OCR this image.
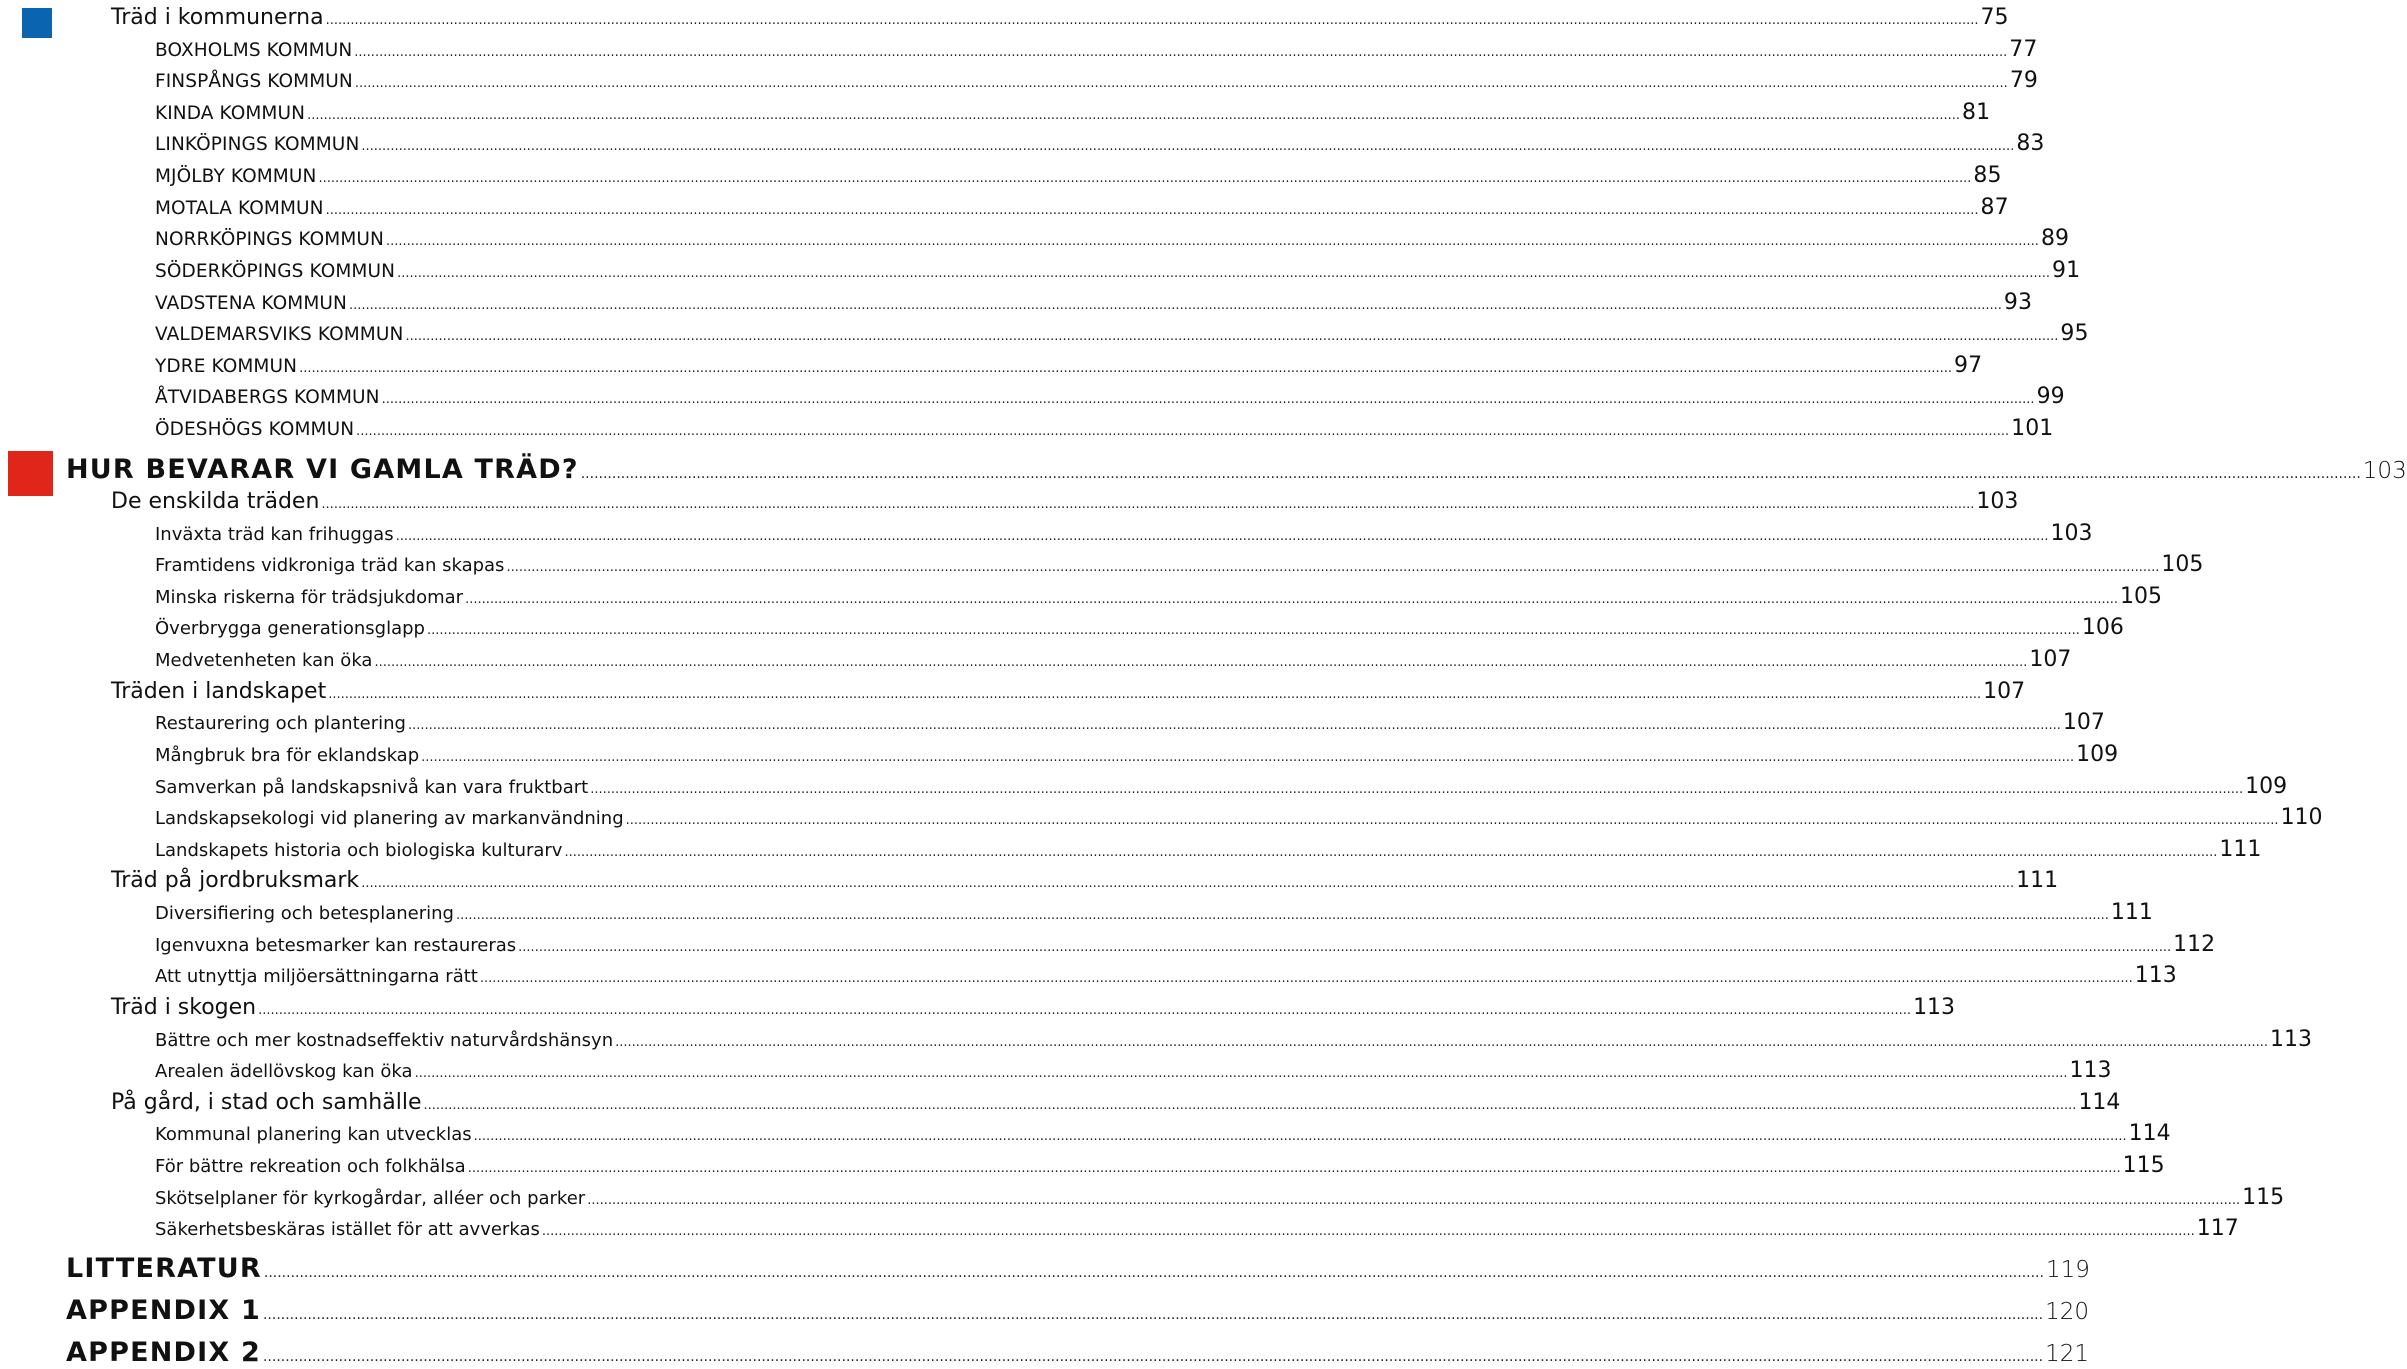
Träd i kommunerna ................................................................................................................................................................................................................................................................................................................................................................................................................ 75
BOXHOLMS KOMMUN ................................................................................................................................................................................................................................................................................................................................................................................................................ 77
FINSPÅNGS KOMMUN ................................................................................................................................................................................................................................................................................................................................................................................................................ 79
KINDA KOMMUN ................................................................................................................................................................................................................................................................................................................................................................................................................ 81
LINKÖPINGS KOMMUN ................................................................................................................................................................................................................................................................................................................................................................................................................ 83
MJÖLBY KOMMUN ................................................................................................................................................................................................................................................................................................................................................................................................................ 85
MOTALA KOMMUN ................................................................................................................................................................................................................................................................................................................................................................................................................ 87
NORRKÖPINGS KOMMUN ................................................................................................................................................................................................................................................................................................................................................................................................................ 89
SÖDERKÖPINGS KOMMUN ................................................................................................................................................................................................................................................................................................................................................................................................................ 91
VADSTENA KOMMUN ................................................................................................................................................................................................................................................................................................................................................................................................................ 93
VALDEMARSVIKS KOMMUN ................................................................................................................................................................................................................................................................................................................................................................................................................ 95
YDRE KOMMUN ................................................................................................................................................................................................................................................................................................................................................................................................................ 97
ÅTVIDABERGS KOMMUN ................................................................................................................................................................................................................................................................................................................................................................................................................ 99
ÖDESHÖGS KOMMUN ................................................................................................................................................................................................................................................................................................................................................................................................................ 101
HUR BEVARAR VI GAMLA TRÄD? ................................................................................................................................................................................................................................................................................................................................................................................................................ 103
De enskilda träden ................................................................................................................................................................................................................................................................................................................................................................................................................ 103
Inväxta träd kan frihuggas ................................................................................................................................................................................................................................................................................................................................................................................................................ 103
Framtidens vidkroniga träd kan skapas ................................................................................................................................................................................................................................................................................................................................................................................................................ 105
Minska riskerna för trädsjukdomar ................................................................................................................................................................................................................................................................................................................................................................................................................ 105
Överbrygga generationsglapp ................................................................................................................................................................................................................................................................................................................................................................................................................ 106
Medvetenheten kan öka ................................................................................................................................................................................................................................................................................................................................................................................................................ 107
Träden i landskapet ................................................................................................................................................................................................................................................................................................................................................................................................................ 107
Restaurering och plantering ................................................................................................................................................................................................................................................................................................................................................................................................................ 107
Mångbruk bra för eklandskap ................................................................................................................................................................................................................................................................................................................................................................................................................ 109
Samverkan på landskapsnivå kan vara fruktbart ................................................................................................................................................................................................................................................................................................................................................................................................................ 109
Landskapsekologi vid planering av markanvändning ................................................................................................................................................................................................................................................................................................................................................................................................................ 110
Landskapets historia och biologiska kulturarv ................................................................................................................................................................................................................................................................................................................................................................................................................ 111
Träd på jordbruksmark ................................................................................................................................................................................................................................................................................................................................................................................................................ 111
Diversifiering och betesplanering ................................................................................................................................................................................................................................................................................................................................................................................................................ 111
Igenvuxna betesmarker kan restaureras ................................................................................................................................................................................................................................................................................................................................................................................................................ 112
Att utnyttja miljöersättningarna rätt ................................................................................................................................................................................................................................................................................................................................................................................................................ 113
Träd i skogen ................................................................................................................................................................................................................................................................................................................................................................................................................ 113
Bättre och mer kostnadseffektiv naturvårdshänsyn ................................................................................................................................................................................................................................................................................................................................................................................................................ 113
Arealen ädellövskog kan öka ................................................................................................................................................................................................................................................................................................................................................................................................................ 113
På gård, i stad och samhälle ................................................................................................................................................................................................................................................................................................................................................................................................................ 114
Kommunal planering kan utvecklas ................................................................................................................................................................................................................................................................................................................................................................................................................ 114
För bättre rekreation och folkhälsa ................................................................................................................................................................................................................................................................................................................................................................................................................ 115
Skötselplaner för kyrkogårdar, alléer och parker ................................................................................................................................................................................................................................................................................................................................................................................................................ 115
Säkerhetsbeskäras istället för att avverkas ................................................................................................................................................................................................................................................................................................................................................................................................................ 117
LITTERATUR ................................................................................................................................................................................................................................................................................................................................................................................................................ 119
APPENDIX 1 ................................................................................................................................................................................................................................................................................................................................................................................................................ 120
APPENDIX 2 ................................................................................................................................................................................................................................................................................................................................................................................................................ 121
